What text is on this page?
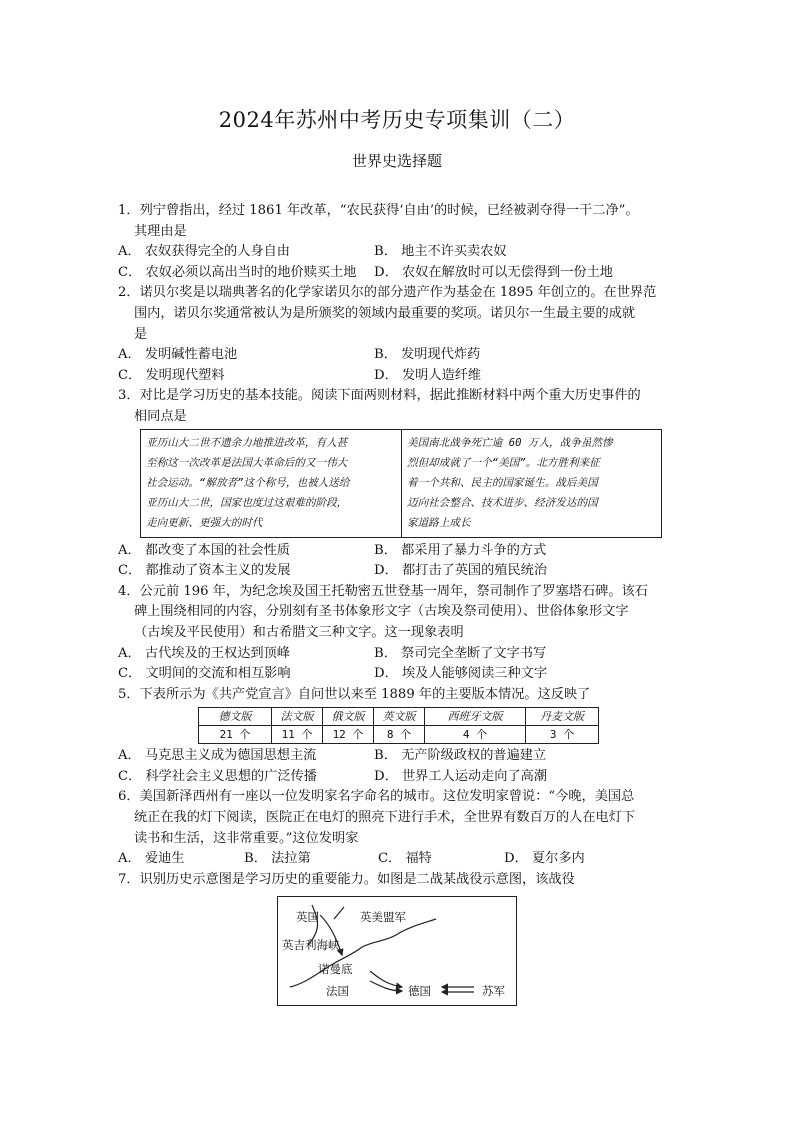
2024年苏州中考历史专项集训（二）
世界史选择题

1．列宁曾指出，经过 1861 年改革，“农民获得‘自由’的时候，已经被剥夺得一干二净”。

其理由是

A． 农奴获得完全的人身自由	B． 地主不许买卖农奴
C． 农奴必须以高出当时的地价赎买土地	D． 农奴在解放时可以无偿得到一份土地

2．诺贝尔奖是以瑞典著名的化学家诺贝尔的部分遗产作为基金在 1895 年创立的。在世界范

围内，诺贝尔奖通常被认为是所颁奖的领域内最重要的奖项。诺贝尔一生最主要的成就

是

A． 发明碱性蓄电池	B． 发明现代炸药
C． 发明现代塑料	D． 发明人造纤维

3．对比是学习历史的基本技能。阅读下面两则材料，据此推断材料中两个重大历史事件的

相同点是

亚历山大二世不遗余力地推进改革，有人甚
至称这一次改革是法国大革命后的又一伟大
社会运动。“解放者”这个称号，也被人送给
亚历山大二世，国家也度过这艰难的阶段，
走向更新、更强大的时代
美国南北战争死亡逾 60 万人，战争虽然惨
烈但却成就了一个“美国”。北方胜利来征
着一个共和、民主的国家诞生。战后美国
迈向社会整合、技术进步、经济发达的国
家道路上成长
A． 都改变了本国的社会性质	B． 都采用了暴力斗争的方式
C． 都推动了资本主义的发展	D． 都打击了英国的殖民统治

4．公元前 196 年，为纪念埃及国王托勒密五世登基一周年，祭司制作了罗塞塔石碑。该石

碑上围绕相同的内容，分别刻有圣书体象形文字（古埃及祭司使用）、世俗体象形文字

（古埃及平民使用）和古希腊文三种文字。这一现象表明

A． 古代埃及的王权达到顶峰	B． 祭司完全垄断了文字书写
C． 文明间的交流和相互影响	D． 埃及人能够阅读三种文字

5．下表所示为《共产党宣言》自问世以来至 1889 年的主要版本情况。这反映了

德文版	法文版	俄文版	英文版	西班牙文版	丹麦文版
21 个	11 个	12 个	8 个	4 个	3 个
A． 马克思主义成为德国思想主流	B． 无产阶级政权的普遍建立
C． 科学社会主义思想的广泛传播	D． 世界工人运动走向了高潮

6．美国新泽西州有一座以一位发明家名字命名的城市。这位发明家曾说：“今晚，美国总

统正在我的灯下阅读，医院正在电灯的照亮下进行手术，全世界有数百万的人在电灯下

读书和生活，这非常重要。”这位发明家

A． 爱迪生	B． 法拉第	C． 福特	D． 夏尔多内

7．识别历史示意图是学习历史的重要能力。如图是二战某战役示意图，该战役

英国	英美盟军
英吉利海峡
诺曼底
法国	德国	苏军
